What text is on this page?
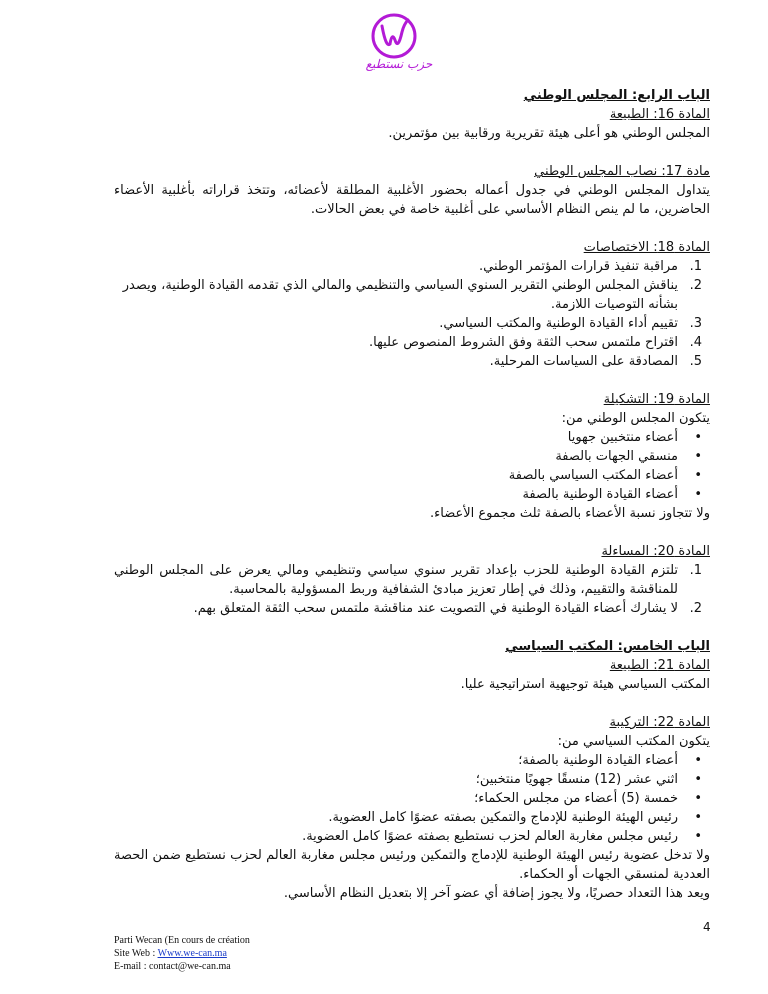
حزب نستطيع
الباب الرابع: المجلس الوطني
المادة 16: الطبيعة
المجلس الوطني هو أعلى هيئة تقريرية ورقابية بين مؤتمرين.
مادة 17: نصاب المجلس الوطني
يتداول المجلس الوطني في جدول أعماله بحضور الأغلبية المطلقة لأعضائه، وتتخذ قراراته بأغلبية الأعضاء الحاضرين، ما لم ينص النظام الأساسي على أغلبية خاصة في بعض الحالات.
المادة 18: الاختصاصات
1.
مراقبة تنفيذ قرارات المؤتمر الوطني.
2.
يناقش المجلس الوطني التقرير السنوي السياسي والتنظيمي والمالي الذي تقدمه القيادة الوطنية، ويصدر بشأنه التوصيات اللازمة.
3.
تقييم أداء القيادة الوطنية والمكتب السياسي.
4.
اقتراح ملتمس سحب الثقة وفق الشروط المنصوص عليها.
5.
المصادقة على السياسات المرحلية.
المادة 19: التشكيلة
يتكون المجلس الوطني من:
•
أعضاء منتخبين جهويا
•
منسقي الجهات بالصفة
•
أعضاء المكتب السياسي بالصفة
•
أعضاء القيادة الوطنية بالصفة
ولا تتجاوز نسبة الأعضاء بالصفة ثلث مجموع الأعضاء.
المادة 20: المساءلة
1.
تلتزم القيادة الوطنية للحزب بإعداد تقرير سنوي سياسي وتنظيمي ومالي يعرض على المجلس الوطني للمناقشة والتقييم، وذلك في إطار تعزيز مبادئ الشفافية وربط المسؤولية بالمحاسبة.
2.
لا يشارك أعضاء القيادة الوطنية في التصويت عند مناقشة ملتمس سحب الثقة المتعلق بهم.
الباب الخامس: المكتب السياسي
المادة 21: الطبيعة
المكتب السياسي هيئة توجيهية استراتيجية عليا.
المادة 22: التركيبة
يتكون المكتب السياسي من:
•
أعضاء القيادة الوطنية بالصفة؛
•
اثني عشر (12) منسقًا جهويًا منتخبين؛
•
خمسة (5) أعضاء من مجلس الحكماء؛
•
رئيس الهيئة الوطنية للإدماج والتمكين بصفته عضوًا كامل العضوية.
•
رئيس مجلس مغاربة العالم لحزب نستطيع بصفته عضوًا كامل العضوية.
ولا تدخل عضوية رئيس الهيئة الوطنية للإدماج والتمكين ورئيس مجلس مغاربة العالم لحزب نستطيع ضمن الحصة العددية لمنسقي الجهات أو الحكماء.
ويعد هذا التعداد حصريًا، ولا يجوز إضافة أي عضو آخر إلا بتعديل النظام الأساسي.
4
Parti Wecan (En cours de création
Site Web : Www.we-can.ma
E-mail : contact@we-can.ma
